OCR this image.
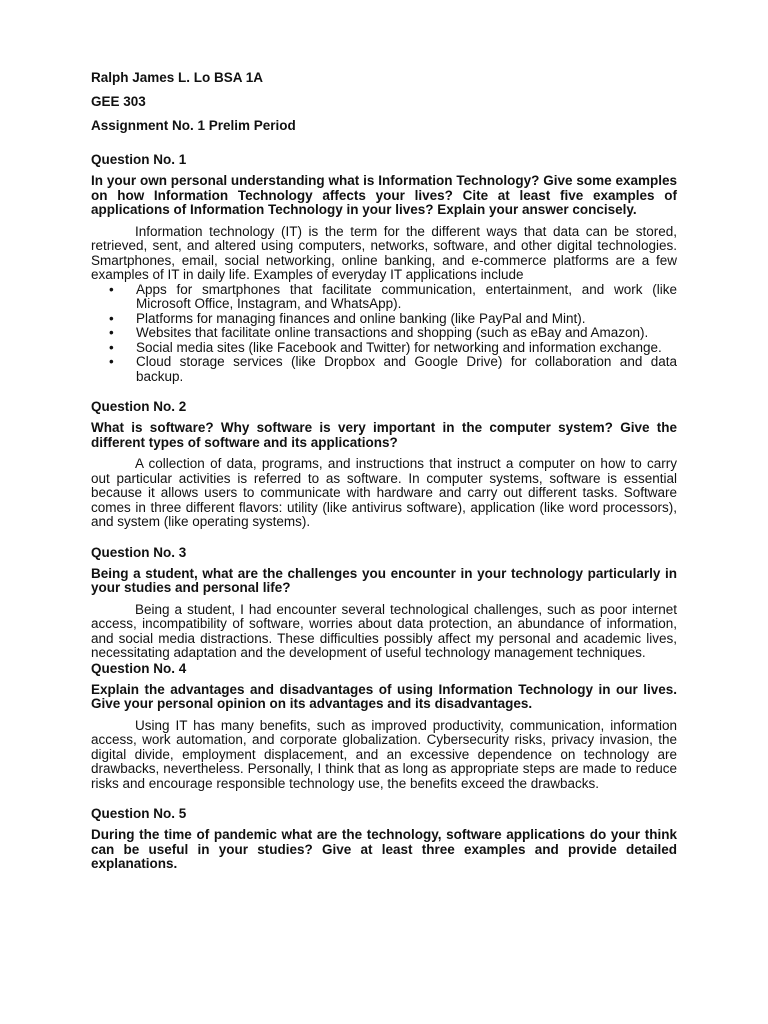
Ralph James L. Lo BSA 1A
GEE 303
Assignment No. 1 Prelim Period
Question No. 1
In your own personal understanding what is Information Technology? Give some examples on how Information Technology affects your lives? Cite at least five examples of applications of Information Technology in your lives? Explain your answer concisely.

Information technology (IT) is the term for the different ways that data can be stored, retrieved, sent, and altered using computers, networks, software, and other digital technologies. Smartphones, email, social networking, online banking, and e-commerce platforms are a few examples of IT in daily life. Examples of everyday IT applications include

• Apps for smartphones that facilitate communication, entertainment, and work (like Microsoft Office, Instagram, and WhatsApp).
• Platforms for managing finances and online banking (like PayPal and Mint).
• Websites that facilitate online transactions and shopping (such as eBay and Amazon).
• Social media sites (like Facebook and Twitter) for networking and information exchange.
• Cloud storage services (like Dropbox and Google Drive) for collaboration and data backup.
Question No. 2
What is software? Why software is very important in the computer system? Give the different types of software and its applications?

A collection of data, programs, and instructions that instruct a computer on how to carry out particular activities is referred to as software. In computer systems, software is essential because it allows users to communicate with hardware and carry out different tasks. Software comes in three different flavors: utility (like antivirus software), application (like word processors), and system (like operating systems).

Question No. 3
Being a student, what are the challenges you encounter in your technology particularly in your studies and personal life?

Being a student, I had encounter several technological challenges, such as poor internet access, incompatibility of software, worries about data protection, an abundance of information, and social media distractions. These difficulties possibly affect my personal and academic lives, necessitating adaptation and the development of useful technology management techniques.

Question No. 4
Explain the advantages and disadvantages of using Information Technology in our lives. Give your personal opinion on its advantages and its disadvantages.

Using IT has many benefits, such as improved productivity, communication, information access, work automation, and corporate globalization. Cybersecurity risks, privacy invasion, the digital divide, employment displacement, and an excessive dependence on technology are drawbacks, nevertheless. Personally, I think that as long as appropriate steps are made to reduce risks and encourage responsible technology use, the benefits exceed the drawbacks.

Question No. 5
During the time of pandemic what are the technology, software applications do your think can be useful in your studies? Give at least three examples and provide detailed explanations.
